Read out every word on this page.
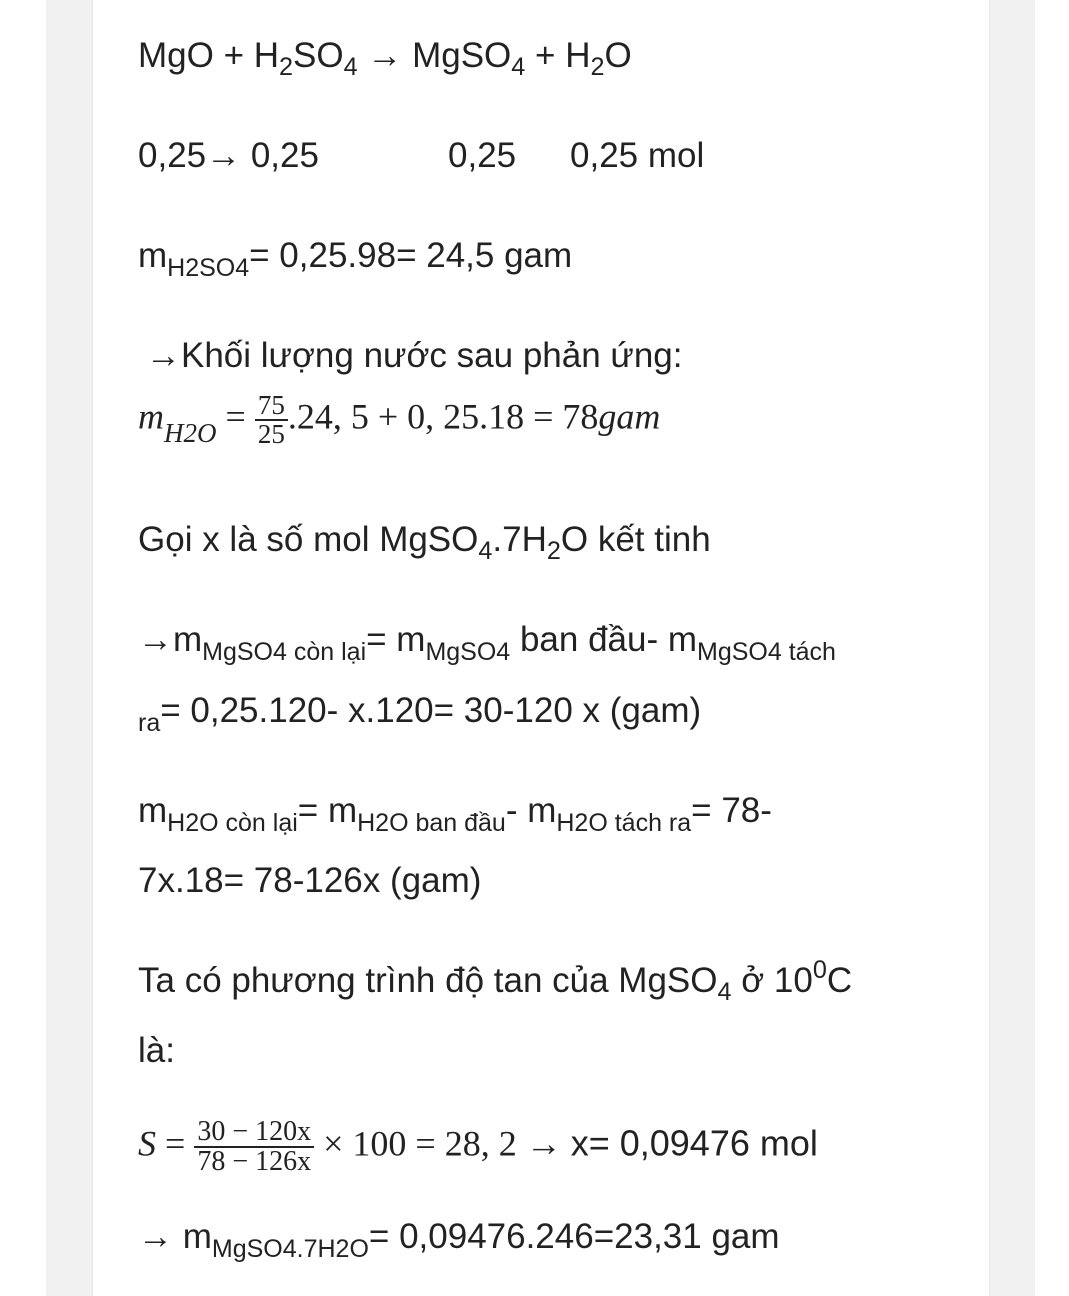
MgO + $H_2SO_4$ → MgSO$_4$ + $H_2O$
0,25→ 0,25	0,25 0,25 mol
$m_{H2SO4}= 0,25.98= 24,5$ gam
→Khối lượng nước sau phản ứng:
$m_{H2O} = \frac{75}{25} .24$, 5 + 0, 25.18 = 78gam
Gọi x là số mol $MgSO_4.7H_2O$ kết tinh
$\to m_{MgSO4 còn lại}= m_{MgSO4}$ ban đầu- $m_{MgSO4 tách}$
$_{ra}$= 0,25.120- x.120= 30-120 x (gam)
$m_{H2O còn lại}= m_{H2O ban đầu}-$ $m_{H2O tách ra}= 78-$
7x.18= 78-126x (gam)
Ta có phương trình độ tan của MgSO$_4$ ở $10^0C$
là:
$S = \frac{30 - 120x}{78 - 126x} \times 100 = 28$, 2 → x= 0,09476 mol
→ $m_{MgSO4.7H2O}= 0,09476.246=23,31$ gam
